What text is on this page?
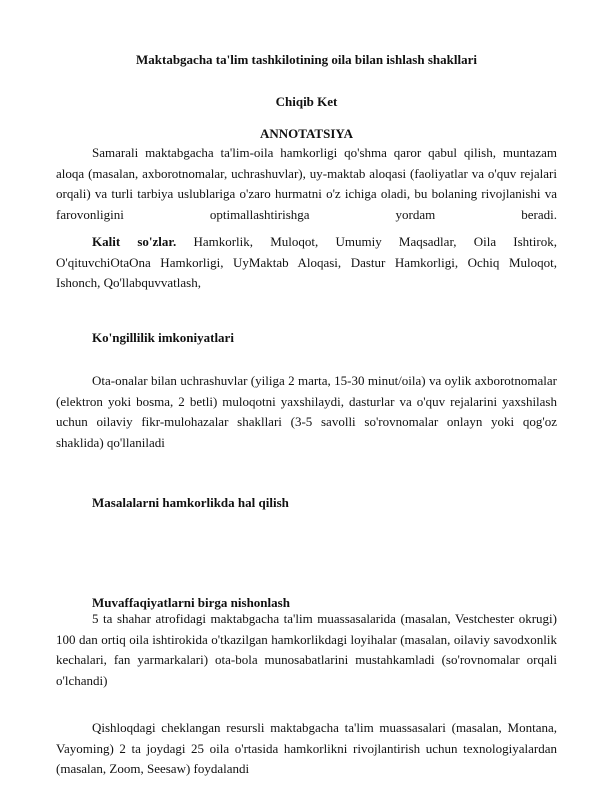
Maktabgacha ta'lim tashkilotining oila bilan ishlash shakllari
Chiqib Ket
ANNOTATSIYA

Samarali maktabgacha ta'lim-oila hamkorligi qo'shma qaror qabul qilish, muntazam aloqa (masalan, axborotnomalar, uchrashuvlar), uy-maktab aloqasi (faoliyatlar va o'quv rejalari orqali) va turli tarbiya uslublariga o'zaro hurmatni o'z ichiga oladi, bu bolaning rivojlanishi va farovonligini optimallashtirishga yordam beradi.

Kalit so'zlar. Hamkorlik, Muloqot, Umumiy Maqsadlar, Oila Ishtirok, O'qituvchiOtaOna Hamkorligi, UyMaktab Aloqasi, Dastur Hamkorligi, Ochiq Muloqot, Ishonch, Qo'llabquvvatlash,

Ko'ngillilik imkoniyatlari

Ota-onalar bilan uchrashuvlar (yiliga 2 marta, 15-30 minut/oila) va oylik axborotnomalar (elektron yoki bosma, 2 betli) muloqotni yaxshilaydi, dasturlar va o'quv rejalarini yaxshilash uchun oilaviy fikr-mulohazalar shakllari (3-5 savolli so'rovnomalar onlayn yoki qog'oz shaklida) qo'llaniladi

Masalalarni hamkorlikda hal qilish
Muvaffaqiyatlarni birga nishonlash

5 ta shahar atrofidagi maktabgacha ta'lim muassasalarida (masalan, Vestchester okrugi) 100 dan ortiq oila ishtirokida o'tkazilgan hamkorlikdagi loyihalar (masalan, oilaviy savodxonlik kechalari, fan yarmarkalari) ota-bola munosabatlarini mustahkamladi (so'rovnomalar orqali o'lchandi)

Qishloqdagi cheklangan resursli maktabgacha ta'lim muassasalari (masalan, Montana, Vayoming) 2 ta joydagi 25 oila o'rtasida hamkorlikni rivojlantirish uchun texnologiyalardan (masalan, Zoom, Seesaw) foydalandi
